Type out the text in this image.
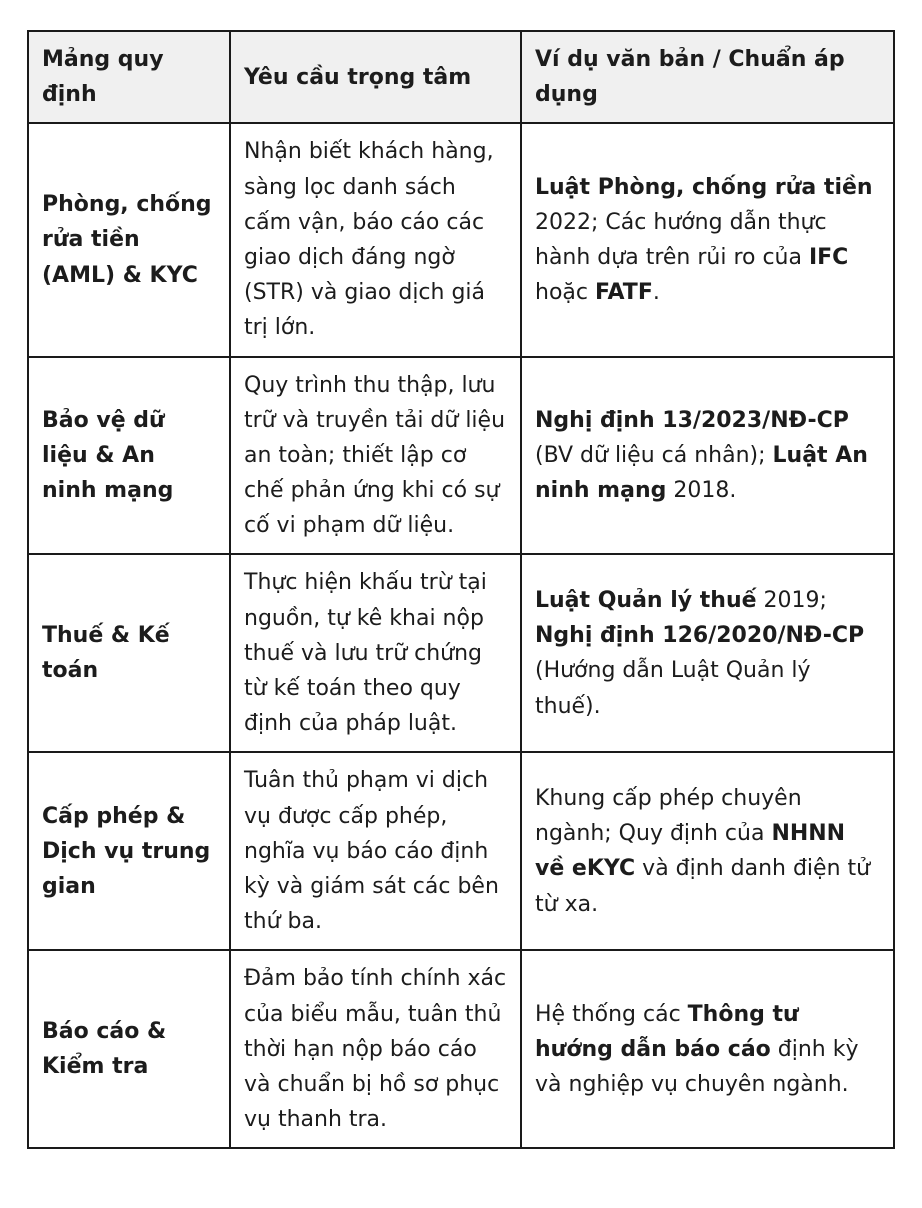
Mảng quy định	Yêu cầu trọng tâm	Ví dụ văn bản / Chuẩn áp dụng
Phòng, chống rửa tiền (AML) & KYC	Nhận biết khách hàng, sàng lọc danh sách cấm vận, báo cáo các giao dịch đáng ngờ (STR) và giao dịch giá trị lớn.	Luật Phòng, chống rửa tiền 2022; Các hướng dẫn thực hành dựa trên rủi ro của IFC hoặc FATF.
Bảo vệ dữ liệu & An ninh mạng	Quy trình thu thập, lưu trữ và truyền tải dữ liệu an toàn; thiết lập cơ chế phản ứng khi có sự cố vi phạm dữ liệu.	Nghị định 13/2023/NĐ-CP (BV dữ liệu cá nhân); Luật An ninh mạng 2018.
Thuế & Kế toán	Thực hiện khấu trừ tại nguồn, tự kê khai nộp thuế và lưu trữ chứng từ kế toán theo quy định của pháp luật.	Luật Quản lý thuế 2019; Nghị định 126/2020/NĐ-CP (Hướng dẫn Luật Quản lý thuế).
Cấp phép & Dịch vụ trung gian	Tuân thủ phạm vi dịch vụ được cấp phép, nghĩa vụ báo cáo định kỳ và giám sát các bên thứ ba.	Khung cấp phép chuyên ngành; Quy định của NHNN về eKYC và định danh điện tử từ xa.
Báo cáo & Kiểm tra	Đảm bảo tính chính xác của biểu mẫu, tuân thủ thời hạn nộp báo cáo và chuẩn bị hồ sơ phục vụ thanh tra.	Hệ thống các Thông tư hướng dẫn báo cáo định kỳ và nghiệp vụ chuyên ngành.
